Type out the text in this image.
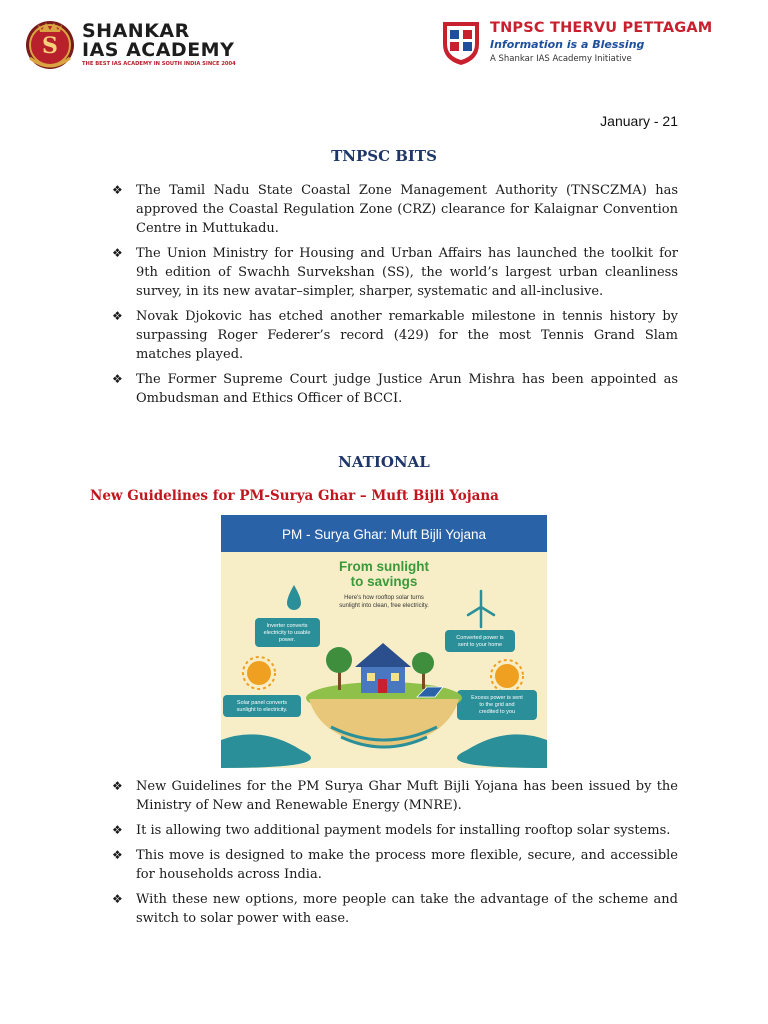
S
SHANKAR
IAS ACADEMY
THE BEST IAS ACADEMY IN SOUTH INDIA SINCE 2004
TNPSC THERVU PETTAGAM
Information is a Blessing
A Shankar IAS Academy Initiative
January - 21
TNPSC BITS
❖ The Tamil Nadu State Coastal Zone Management Authority (TNSCZMA) has approved the Coastal Regulation Zone (CRZ) clearance for Kalaignar Convention Centre in Muttukadu.
❖ The Union Ministry for Housing and Urban Affairs has launched the toolkit for 9th edition of Swachh Survekshan (SS), the world’s largest urban cleanliness survey, in its new avatar–simpler, sharper, systematic and all-inclusive.
❖ Novak Djokovic has etched another remarkable milestone in tennis history by surpassing Roger Federer’s record (429) for the most Tennis Grand Slam matches played.
❖ The Former Supreme Court judge Justice Arun Mishra has been appointed as Ombudsman and Ethics Officer of BCCI.
NATIONAL
New Guidelines for PM-Surya Ghar – Muft Bijli Yojana
PM - Surya Ghar: Muft Bijli Yojana
From sunlight
to savings
Here's how rooftop solar turns
sunlight into clean, free electricity.
Inverter converts
electricity to usable
power.	Converted power is
sent to your home
Solar panel converts
sunlight to electricity.
Excess power is sent
to the grid and
credited to you
❖ New Guidelines for the PM Surya Ghar Muft Bijli Yojana has been issued by the Ministry of New and Renewable Energy (MNRE).
❖ It is allowing two additional payment models for installing rooftop solar systems.
❖ This move is designed to make the process more flexible, secure, and accessible for households across India.
❖ With these new options, more people can take the advantage of the scheme and switch to solar power with ease.
